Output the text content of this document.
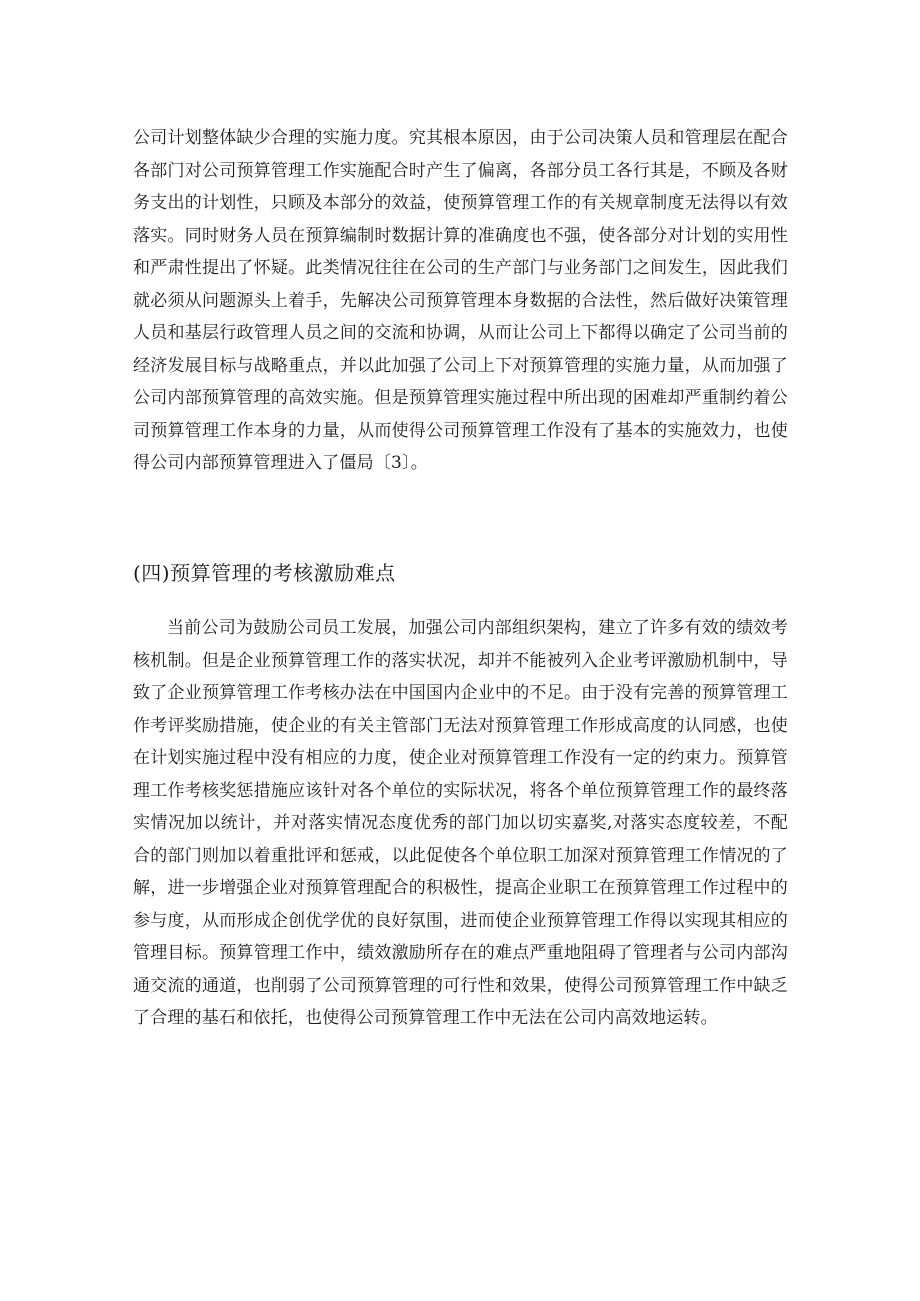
公司计划整体缺少合理的实施力度。究其根本原因，由于公司决策人员和管理层在配合各部门对公司预算管理工作实施配合时产生了偏离，各部分员工各行其是，不顾及各财务支出的计划性，只顾及本部分的效益，使预算管理工作的有关规章制度无法得以有效落实。同时财务人员在预算编制时数据计算的准确度也不强，使各部分对计划的实用性和严肃性提出了怀疑。此类情况往往在公司的生产部门与业务部门之间发生，因此我们就必须从问题源头上着手，先解决公司预算管理本身数据的合法性，然后做好决策管理人员和基层行政管理人员之间的交流和协调，从而让公司上下都得以确定了公司当前的经济发展目标与战略重点，并以此加强了公司上下对预算管理的实施力量，从而加强了公司内部预算管理的高效实施。但是预算管理实施过程中所出现的困难却严重制约着公司预算管理工作本身的力量，从而使得公司预算管理工作没有了基本的实施效力，也使得公司内部预算管理进入了僵局〔3〕。

(四)预算管理的考核激励难点

当前公司为鼓励公司员工发展，加强公司内部组织架构，建立了许多有效的绩效考核机制。但是企业预算管理工作的落实状况，却并不能被列入企业考评激励机制中，导致了企业预算管理工作考核办法在中国国内企业中的不足。由于没有完善的预算管理工作考评奖励措施，使企业的有关主管部门无法对预算管理工作形成高度的认同感，也使在计划实施过程中没有相应的力度，使企业对预算管理工作没有一定的约束力。预算管理工作考核奖惩措施应该针对各个单位的实际状况，将各个单位预算管理工作的最终落实情况加以统计，并对落实情况态度优秀的部门加以切实嘉奖,对落实态度较差，不配合的部门则加以着重批评和惩戒，以此促使各个单位职工加深对预算管理工作情况的了解，进一步增强企业对预算管理配合的积极性，提高企业职工在预算管理工作过程中的参与度，从而形成企创优学优的良好氛围，进而使企业预算管理工作得以实现其相应的管理目标。预算管理工作中，绩效激励所存在的难点严重地阻碍了管理者与公司内部沟通交流的通道，也削弱了公司预算管理的可行性和效果，使得公司预算管理工作中缺乏了合理的基石和依托，也使得公司预算管理工作中无法在公司内高效地运转。
